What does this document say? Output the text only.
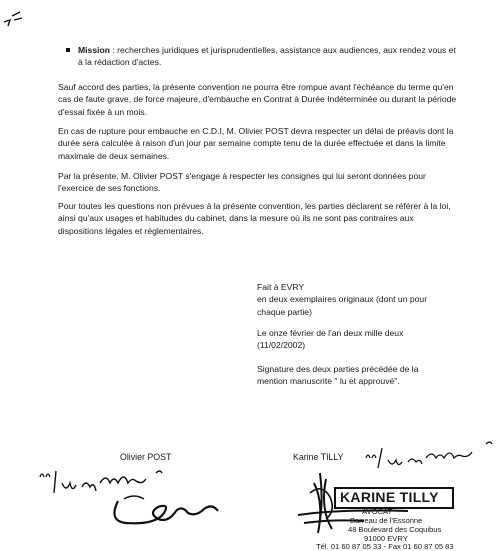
Mission : recherches juridiques et jurisprudentielles, assistance aux audiences, aux rendez vous et à la rédaction d'actes.

Sauf accord des parties, la présente convention ne pourra être rompue avant l'échéance du terme qu'en cas de faute grave, de force majeure, d'embauche en Contrat à Durée Indéterminée ou durant la période d'essai fixée à un mois.

En cas de rupture pour embauche en C.D.I, M. Olivier POST devra respecter un délai de préavis dont la durée sera calculée à raison d'un jour par semaine compte tenu de la durée effectuée et dans la limite maximale de deux semaines.

Par la présente, M. Olivier POST s'engage à respecter les consignes qui lui seront données pour l'exercice de ses fonctions.

Pour toutes les questions non prévues à la présente convention, les parties déclarent se référer à la loi, ainsi qu'aux usages et habitudes du cabinet, dans la mesure où ils ne sont pas contraires aux dispositions légales et réglementaires.

Fait à EVRY
en deux exemplaires originaux (dont un pour chaque partie)

Le onze février de l'an deux mille deux (11/02/2002)

Signature des deux parties précédée de la mention manuscrite " lu et approuvé".

Olivier POST	Karine TILLY
KARINE TILLY
AVOCAT
Barreau de l'Essonne
48 Boulevard des Coquibus
91000 EVRY
Tél. 01 60 87 05 33 - Fax 01 60 87 05 83
